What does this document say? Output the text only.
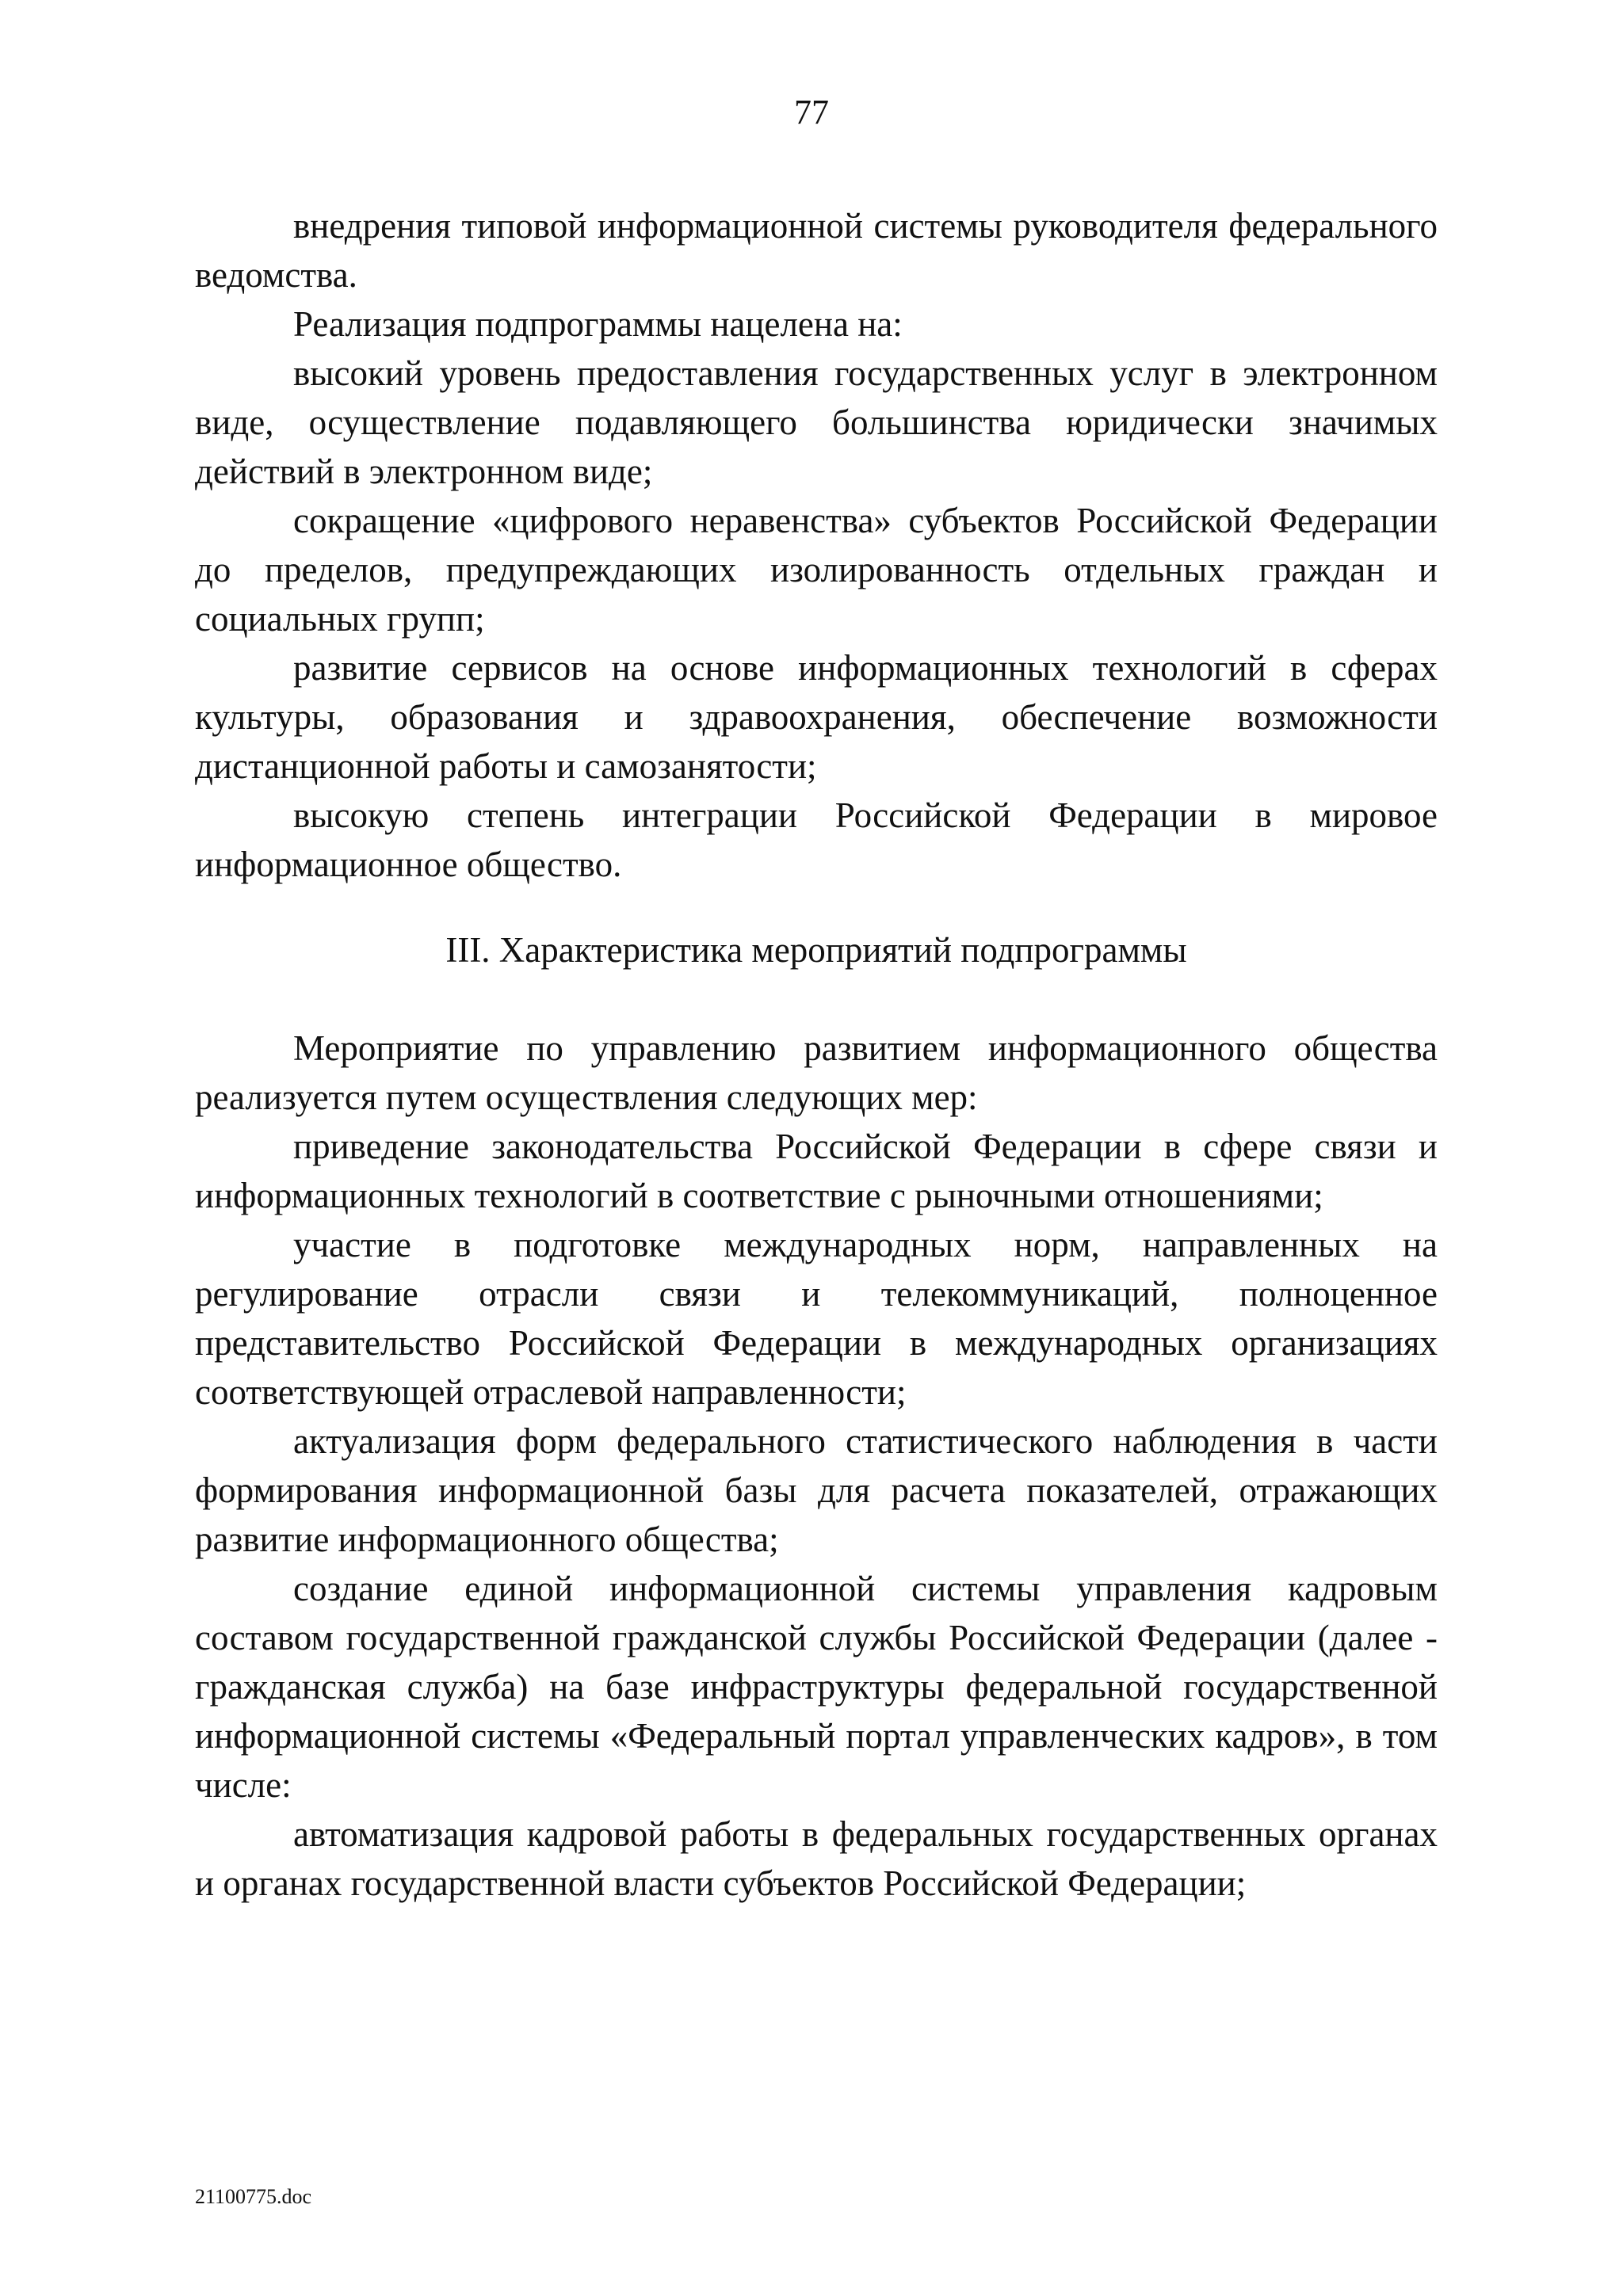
77

внедрения типовой информационной системы руководителя федерального ведомства.

Реализация подпрограммы нацелена на:

высокий уровень предоставления государственных услуг в электронном виде, осуществление подавляющего большинства юридически значимых действий в электронном виде;

сокращение «цифрового неравенства» субъектов Российской Федерации до пределов, предупреждающих изолированность отдельных граждан и социальных групп;

развитие сервисов на основе информационных технологий в сферах культуры, образования и здравоохранения, обеспечение возможности дистанционной работы и самозанятости;

высокую степень интеграции Российской Федерации в мировое информационное общество.

III. Характеристика мероприятий подпрограммы

Мероприятие по управлению развитием информационного общества реализуется путем осуществления следующих мер:

приведение законодательства Российской Федерации в сфере связи и информационных технологий в соответствие с рыночными отношениями;

участие в подготовке международных норм, направленных на регулирование отрасли связи и телекоммуникаций, полноценное представительство Российской Федерации в международных организациях соответствующей отраслевой направленности;

актуализация форм федерального статистического наблюдения в части формирования информационной базы для расчета показателей, отражающих развитие информационного общества;

создание единой информационной системы управления кадровым составом государственной гражданской службы Российской Федерации (далее - гражданская служба) на базе инфраструктуры федеральной государственной информационной системы «Федеральный портал управленческих кадров», в том числе:

автоматизация кадровой работы в федеральных государственных органах и органах государственной власти субъектов Российской Федерации;

21100775.doc
